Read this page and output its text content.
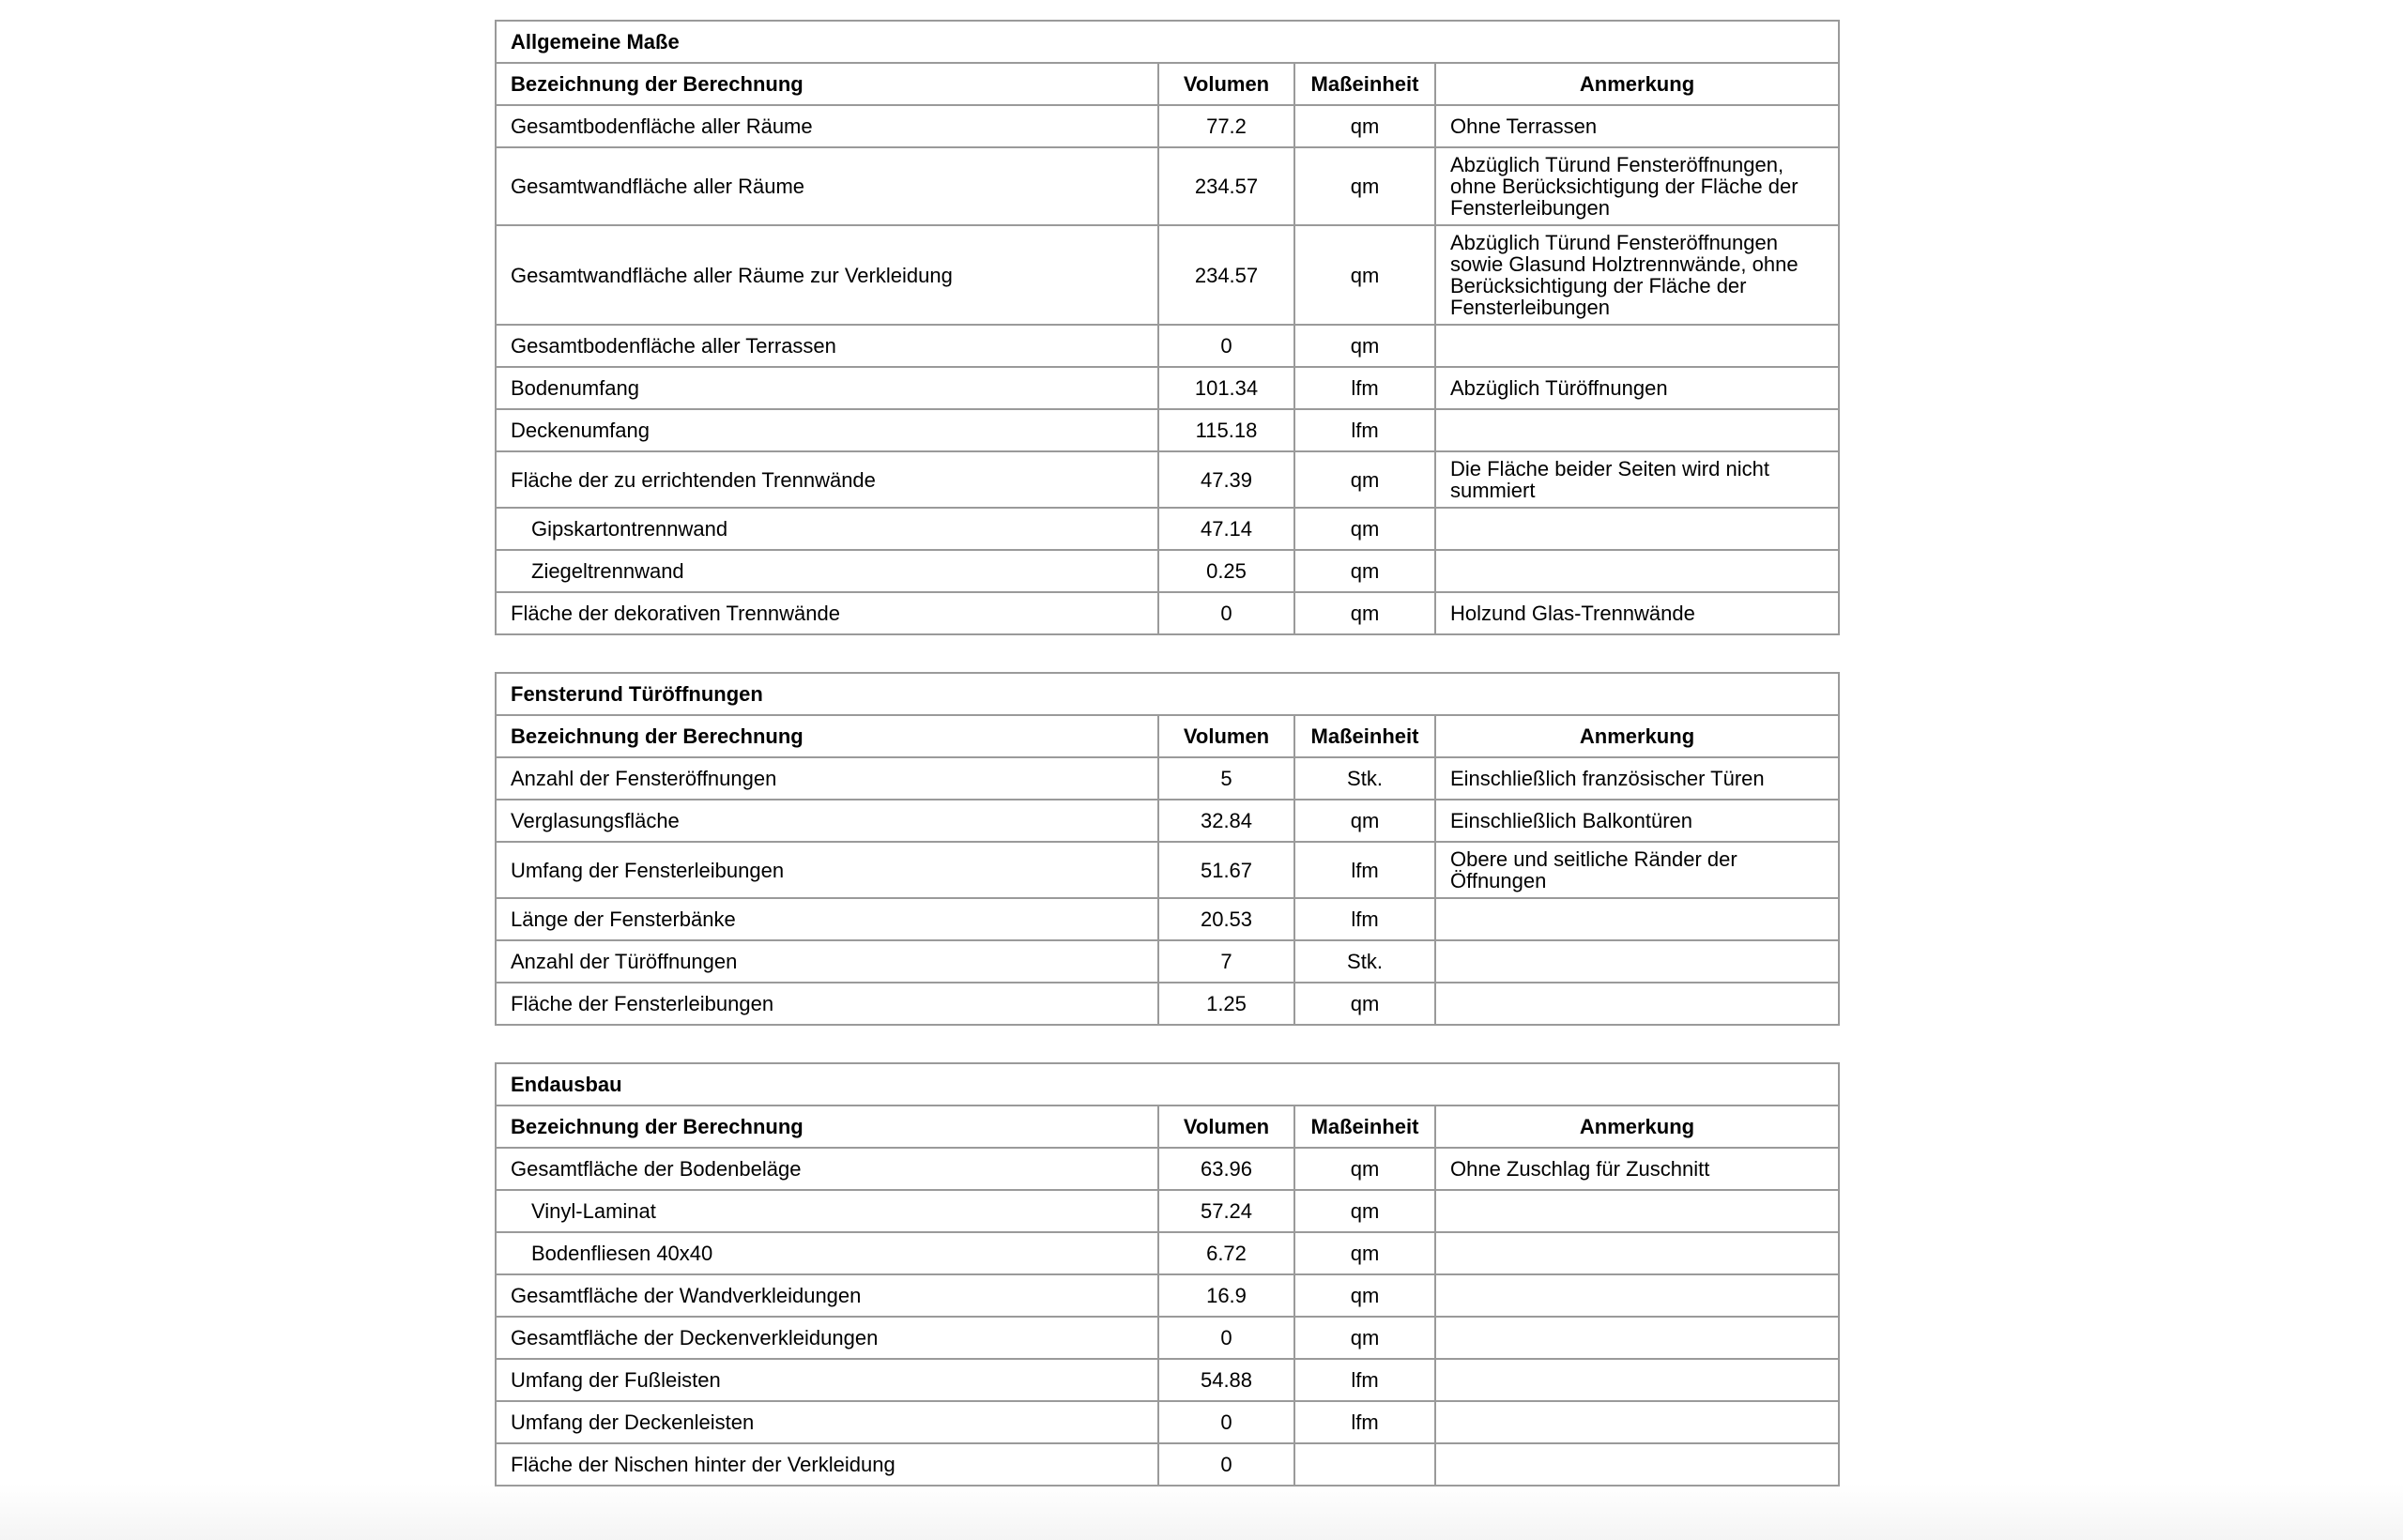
Allgemeine Maße			
Bezeichnung der Berechnung	Volumen	Maßeinheit	Anmerkung
Gesamtbodenfläche aller Räume	77.2	qm	Ohne Terrassen
Gesamtwandfläche aller Räume	234.57	qm	Abzüglich Türund Fensteröffnungen, ohne Berücksichtigung der Fläche der Fensterleibungen
Gesamtwandfläche aller Räume zur Verkleidung	234.57	qm	Abzüglich Türund Fensteröffnungen sowie Glasund Holztrennwände, ohne Berücksichtigung der Fläche der Fensterleibungen
Gesamtbodenfläche aller Terrassen	0	qm	
Bodenumfang	101.34	lfm	Abzüglich Türöffnungen
Deckenumfang	115.18	lfm	
Fläche der zu errichtenden Trennwände	47.39	qm	Die Fläche beider Seiten wird nicht summiert
Gipskartontrennwand	47.14	qm	
Ziegeltrennwand	0.25	qm	
Fläche der dekorativen Trennwände	0	qm	Holzund Glas-Trennwände
Fensterund Türöffnungen			
Bezeichnung der Berechnung	Volumen	Maßeinheit	Anmerkung
Anzahl der Fensteröffnungen	5	Stk.	Einschließlich französischer Türen
Verglasungsfläche	32.84	qm	Einschließlich Balkontüren
Umfang der Fensterleibungen	51.67	lfm	Obere und seitliche Ränder der Öffnungen
Länge der Fensterbänke	20.53	lfm	
Anzahl der Türöffnungen	7	Stk.	
Fläche der Fensterleibungen	1.25	qm	
Endausbau			
Bezeichnung der Berechnung	Volumen	Maßeinheit	Anmerkung
Gesamtfläche der Bodenbeläge	63.96	qm	Ohne Zuschlag für Zuschnitt
Vinyl-Laminat	57.24	qm	
Bodenfliesen 40x40	6.72	qm	
Gesamtfläche der Wandverkleidungen	16.9	qm	
Gesamtfläche der Deckenverkleidungen	0	qm	
Umfang der Fußleisten	54.88	lfm	
Umfang der Deckenleisten	0	lfm	
Fläche der Nischen hinter der Verkleidung	0		
